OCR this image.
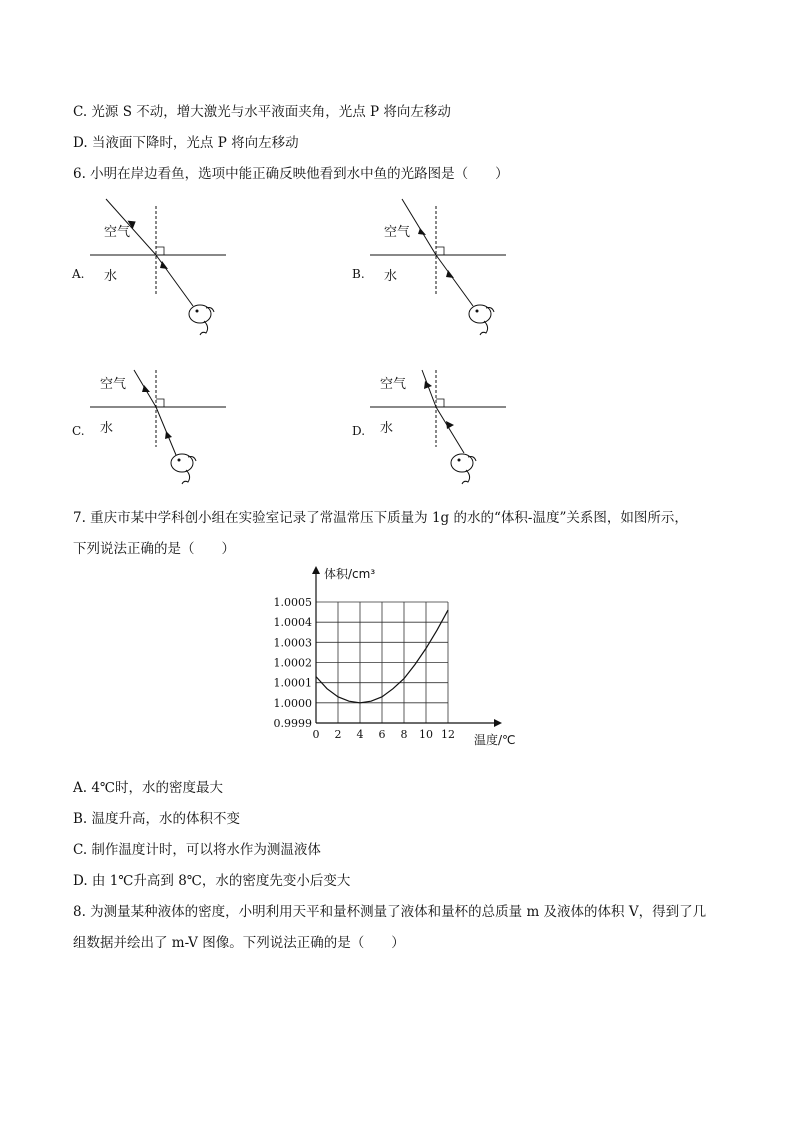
C. 光源 S 不动，增大激光与水平液面夹角，光点 P 将向左移动
D. 当液面下降时，光点 P 将向左移动
6. 小明在岸边看鱼，选项中能正确反映他看到水中鱼的光路图是（　　）
A.
空气
水	B.
空气
水
C.
空气
水	D.
空气
水
7. 重庆市某中学科创小组在实验室记录了常温常压下质量为 1g 的水的“体积-温度”关系图，如图所示，
下列说法正确的是（　　）
0.9999
1.0000
1.0001
1.0002
1.0003
1.0004
1.0005
0 2 4 6 8 10 12
体积/cm³
温度/℃
A. 4℃时，水的密度最大
B. 温度升高，水的体积不变
C. 制作温度计时，可以将水作为测温液体
D. 由 1℃升高到 8℃，水的密度先变小后变大
8. 为测量某种液体的密度，小明利用天平和量杯测量了液体和量杯的总质量 m 及液体的体积 V，得到了几
组数据并绘出了 m-V 图像。下列说法正确的是（　　）
